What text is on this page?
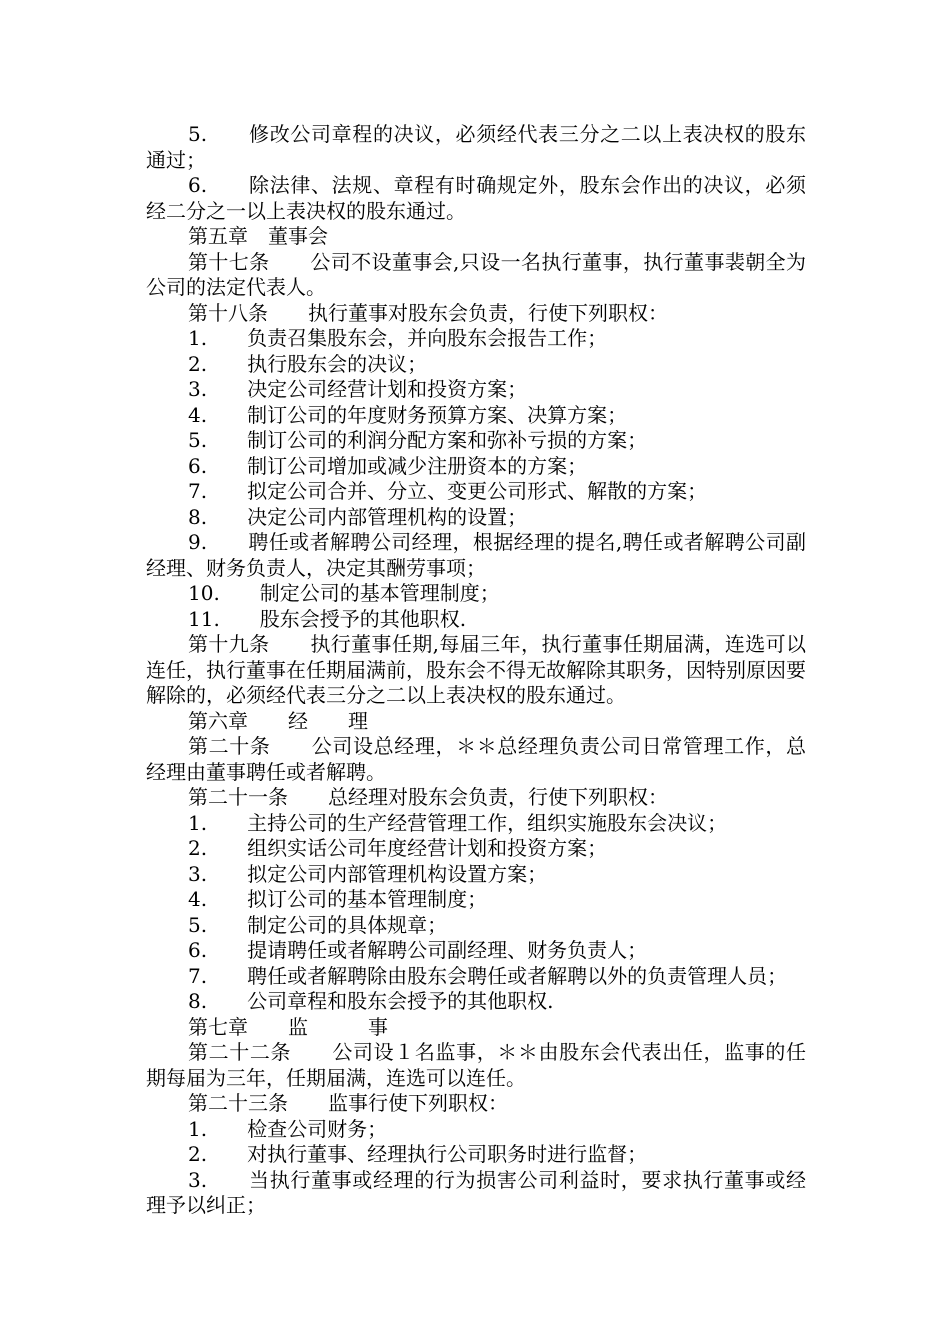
5.　　修改公司章程的决议，必须经代表三分之二以上表决权的股东通过；

6.　　除法律、法规、章程有时确规定外，股东会作出的决议，必须经二分之一以上表决权的股东通过。

第五章　董事会

第十七条　　公司不设董事会,只设一名执行董事，执行董事裴朝全为公司的法定代表人。

第十八条　　执行董事对股东会负责，行使下列职权：

1.　　负责召集股东会，并向股东会报告工作；

2.　　执行股东会的决议；

3.　　决定公司经营计划和投资方案；

4.　　制订公司的年度财务预算方案、决算方案；

5.　　制订公司的利润分配方案和弥补亏损的方案；

6.　　制订公司增加或减少注册资本的方案；

7.　　拟定公司合并、分立、变更公司形式、解散的方案；

8.　　决定公司内部管理机构的设置；

9.　　聘任或者解聘公司经理，根据经理的提名,聘任或者解聘公司副经理、财务负责人，决定其酬劳事项；

10.　　制定公司的基本管理制度；

11.　　股东会授予的其他职权.

第十九条　　执行董事任期,每届三年，执行董事任期届满，连选可以连任，执行董事在任期届满前，股东会不得无故解除其职务，因特别原因要解除的，必须经代表三分之二以上表决权的股东通过。

第六章　　经　　理

第二十条　　公司设总经理，＊＊总经理负责公司日常管理工作，总经理由董事聘任或者解聘。

第二十一条　　总经理对股东会负责，行使下列职权：

1.　　主持公司的生产经营管理工作，组织实施股东会决议；

2.　　组织实话公司年度经营计划和投资方案；

3.　　拟定公司内部管理机构设置方案；

4.　　拟订公司的基本管理制度；

5.　　制定公司的具体规章；

6.　　提请聘任或者解聘公司副经理、财务负责人；

7.　　聘任或者解聘除由股东会聘任或者解聘以外的负责管理人员；

8.　　公司章程和股东会授予的其他职权.

第七章　　监　　　事

第二十二条　　公司设１名监事，＊＊由股东会代表出任，监事的任期每届为三年，任期届满，连选可以连任。

第二十三条　　监事行使下列职权：

1.　　检查公司财务；

2.　　对执行董事、经理执行公司职务时进行监督；

3.　　当执行董事或经理的行为损害公司利益时，要求执行董事或经理予以纠正；
